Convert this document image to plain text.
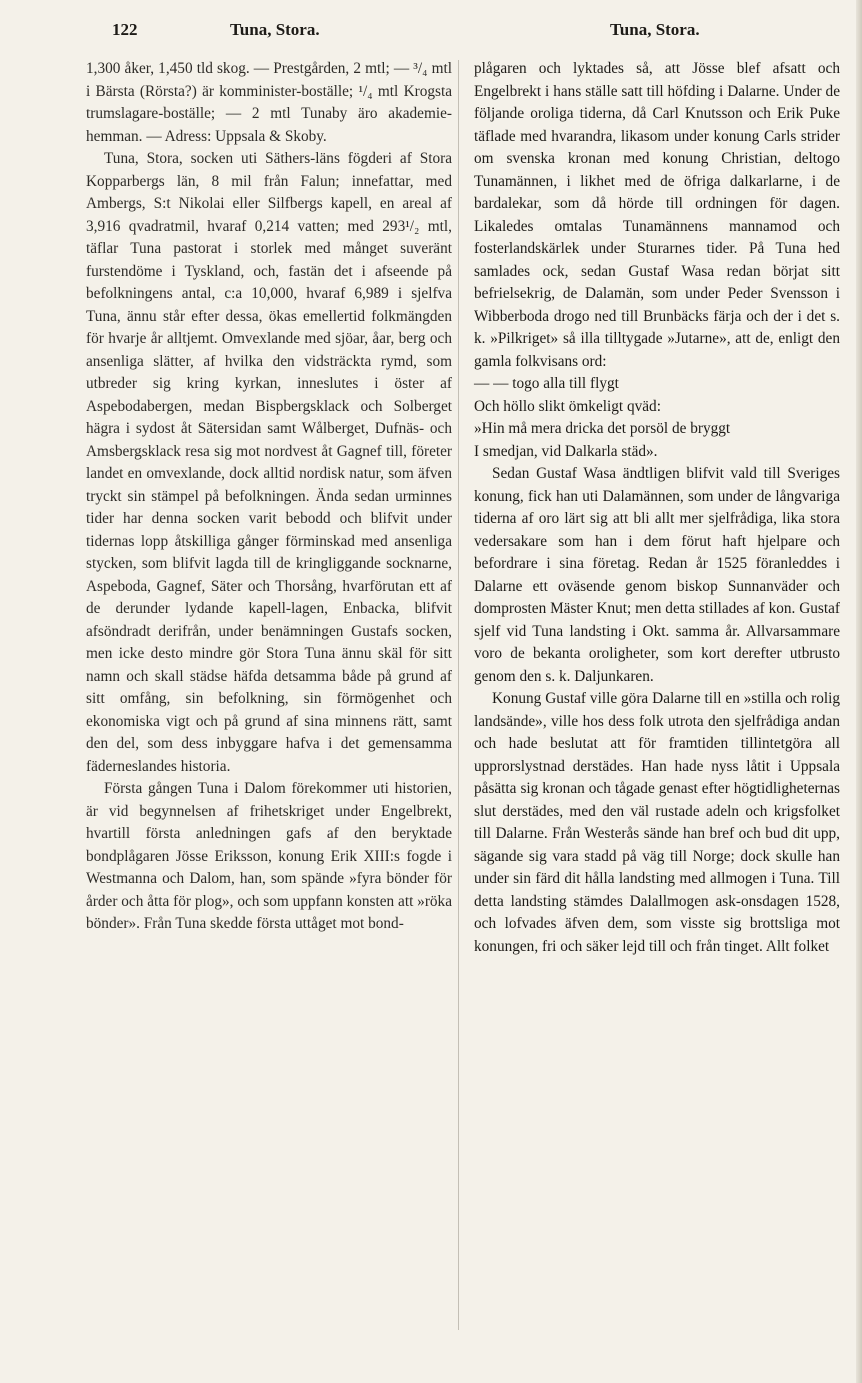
122	Tuna, Stora.	Tuna, Stora.

1,300 åker, 1,450 tld skog. — Prestgården, 2 mtl; — ³/₄ mtl i Bärsta (Rörsta?) är komminister-boställe; ¹/₄ mtl Krogsta trumslagare-boställe; — 2 mtl Tunaby äro akademie-hemman. — Adress: Uppsala & Skoby.

Tuna, Stora, socken uti Säthers-läns fögderi af Stora Kopparbergs län, 8 mil från Falun; innefattar, med Ambergs, S:t Nikolai eller Silfbergs kapell, en areal af 3,916 qvadratmil, hvaraf 0,214 vatten; med 293¹/₂ mtl, täflar Tuna pastorat i storlek med månget suveränt furstendöme i Tyskland, och, fastän det i afseende på befolkningens antal, c:a 10,000, hvaraf 6,989 i sjelfva Tuna, ännu står efter dessa, ökas emellertid folkmängden för hvarje år alltjemt. Omvexlande med sjöar, åar, berg och ansenliga slätter, af hvilka den vidsträckta rymd, som utbreder sig kring kyrkan, inneslutes i öster af Aspebodabergen, medan Bispbergsklack och Solberget hägra i sydost åt Sätersidan samt Wålberget, Dufnäs- och Amsbergsklack resa sig mot nordvest åt Gagnef till, företer landet en omvexlande, dock alltid nordisk natur, som äfven tryckt sin stämpel på befolkningen. Ända sedan urminnes tider har denna socken varit bebodd och blifvit under tidernas lopp åtskilliga gånger förminskad med ansenliga stycken, som blifvit lagda till de kringliggande socknarne, Aspeboda, Gagnef, Säter och Thorsång, hvarförutan ett af de derunder lydande kapell-lagen, Enbacka, blifvit afsöndradt derifrån, under benämningen Gustafs socken, men icke desto mindre gör Stora Tuna ännu skäl för sitt namn och skall städse häfda detsamma både på grund af sitt omfång, sin befolkning, sin förmögenhet och ekonomiska vigt och på grund af sina minnens rätt, samt den del, som dess inbyggare hafva i det gemensamma fäderneslandes historia.

Första gången Tuna i Dalom förekommer uti historien, är vid begynnelsen af frihetskriget under Engelbrekt, hvartill första anledningen gafs af den beryktade bondplågaren Jösse Eriksson, konung Erik XIII:s fogde i Westmanna och Dalom, han, som spände »fyra bönder för årder och åtta för plog», och som uppfann konsten att »röka bönder». Från Tuna skedde första uttåget mot bond-

plågaren och lyktades så, att Jösse blef afsatt och Engelbrekt i hans ställe satt till höfding i Dalarne. Under de följande oroliga tiderna, då Carl Knutsson och Erik Puke täflade med hvarandra, likasom under konung Carls strider om svenska kronan med konung Christian, deltogo Tunamännen, i likhet med de öfriga dalkarlarne, i de bardalekar, som då hörde till ordningen för dagen. Likaledes omtalas Tunamännens mannamod och fosterlandskärlek under Sturarnes tider. På Tuna hed samlades ock, sedan Gustaf Wasa redan börjat sitt befrielsekrig, de Dalamän, som under Peder Svensson i Wibberboda drogo ned till Brunbäcks färja och der i det s. k. »Pilkriget» så illa tilltygade »Jutarne», att de, enligt den gamla folkvisans ord:

— — togo alla till flygt

Och höllo slikt ömkeligt qväd:

»Hin må mera dricka det porsöl de bryggt

I smedjan, vid Dalkarla städ».

Sedan Gustaf Wasa ändtligen blifvit vald till Sveriges konung, fick han uti Dalamännen, som under de långvariga tiderna af oro lärt sig att bli allt mer sjelfrådiga, lika stora vedersakare som han i dem förut haft hjelpare och befordrare i sina företag. Redan år 1525 föranleddes i Dalarne ett oväsende genom biskop Sunnanväder och domprosten Mäster Knut; men detta stillades af kon. Gustaf sjelf vid Tuna landsting i Okt. samma år. Allvarsammare voro de bekanta oroligheter, som kort derefter utbrusto genom den s. k. Daljunkaren.

Konung Gustaf ville göra Dalarne till en »stilla och rolig landsände», ville hos dess folk utrota den sjelfrådiga andan och hade beslutat att för framtiden tillintetgöra all upprorslystnad derstädes. Han hade nyss låtit i Uppsala påsätta sig kronan och tågade genast efter högtidligheternas slut derstädes, med den väl rustade adeln och krigsfolket till Dalarne. Från Westerås sände han bref och bud dit upp, sägande sig vara stadd på väg till Norge; dock skulle han under sin färd dit hålla landsting med allmogen i Tuna. Till detta landsting stämdes Dalallmogen ask-onsdagen 1528, och lofvades äfven dem, som visste sig brottsliga mot konungen, fri och säker lejd till och från tinget. Allt folket
